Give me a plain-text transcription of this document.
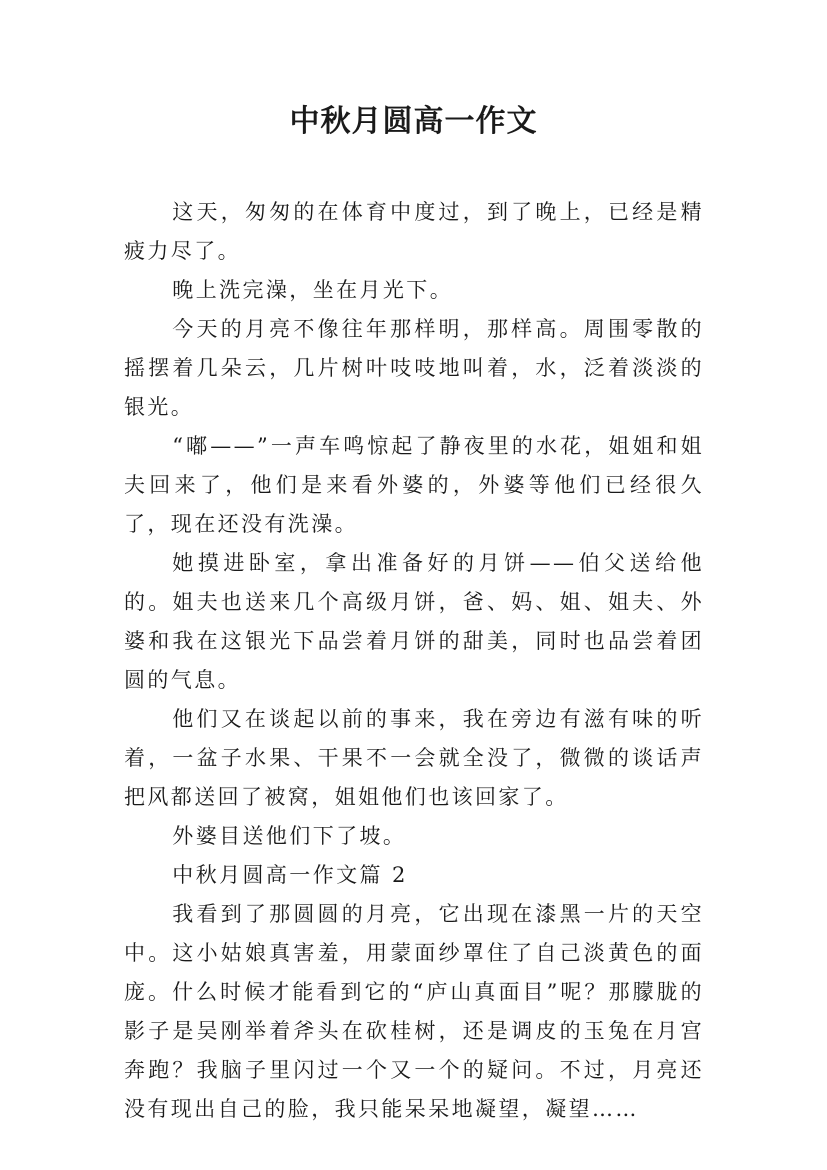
中秋月圆高一作文

这天，匆匆的在体育中度过，到了晚上，已经是精疲力尽了。

晚上洗完澡，坐在月光下。

今天的月亮不像往年那样明，那样高。周围零散的摇摆着几朵云，几片树叶吱吱地叫着，水，泛着淡淡的银光。

“嘟——”一声车鸣惊起了静夜里的水花，姐姐和姐夫回来了，他们是来看外婆的，外婆等他们已经很久了，现在还没有洗澡。

她摸进卧室，拿出准备好的月饼——伯父送给他的。姐夫也送来几个高级月饼，爸、妈、姐、姐夫、外婆和我在这银光下品尝着月饼的甜美，同时也品尝着团圆的气息。

他们又在谈起以前的事来，我在旁边有滋有味的听着，一盆子水果、干果不一会就全没了，微微的谈话声把风都送回了被窝，姐姐他们也该回家了。

外婆目送他们下了坡。

中秋月圆高一作文篇 2

我看到了那圆圆的月亮，它出现在漆黑一片的天空中。这小姑娘真害羞，用蒙面纱罩住了自己淡黄色的面庞。什么时候才能看到它的“庐山真面目”呢？那朦胧的影子是吴刚举着斧头在砍桂树，还是调皮的玉兔在月宫奔跑？我脑子里闪过一个又一个的疑问。不过，月亮还没有现出自己的脸，我只能呆呆地凝望，凝望……
